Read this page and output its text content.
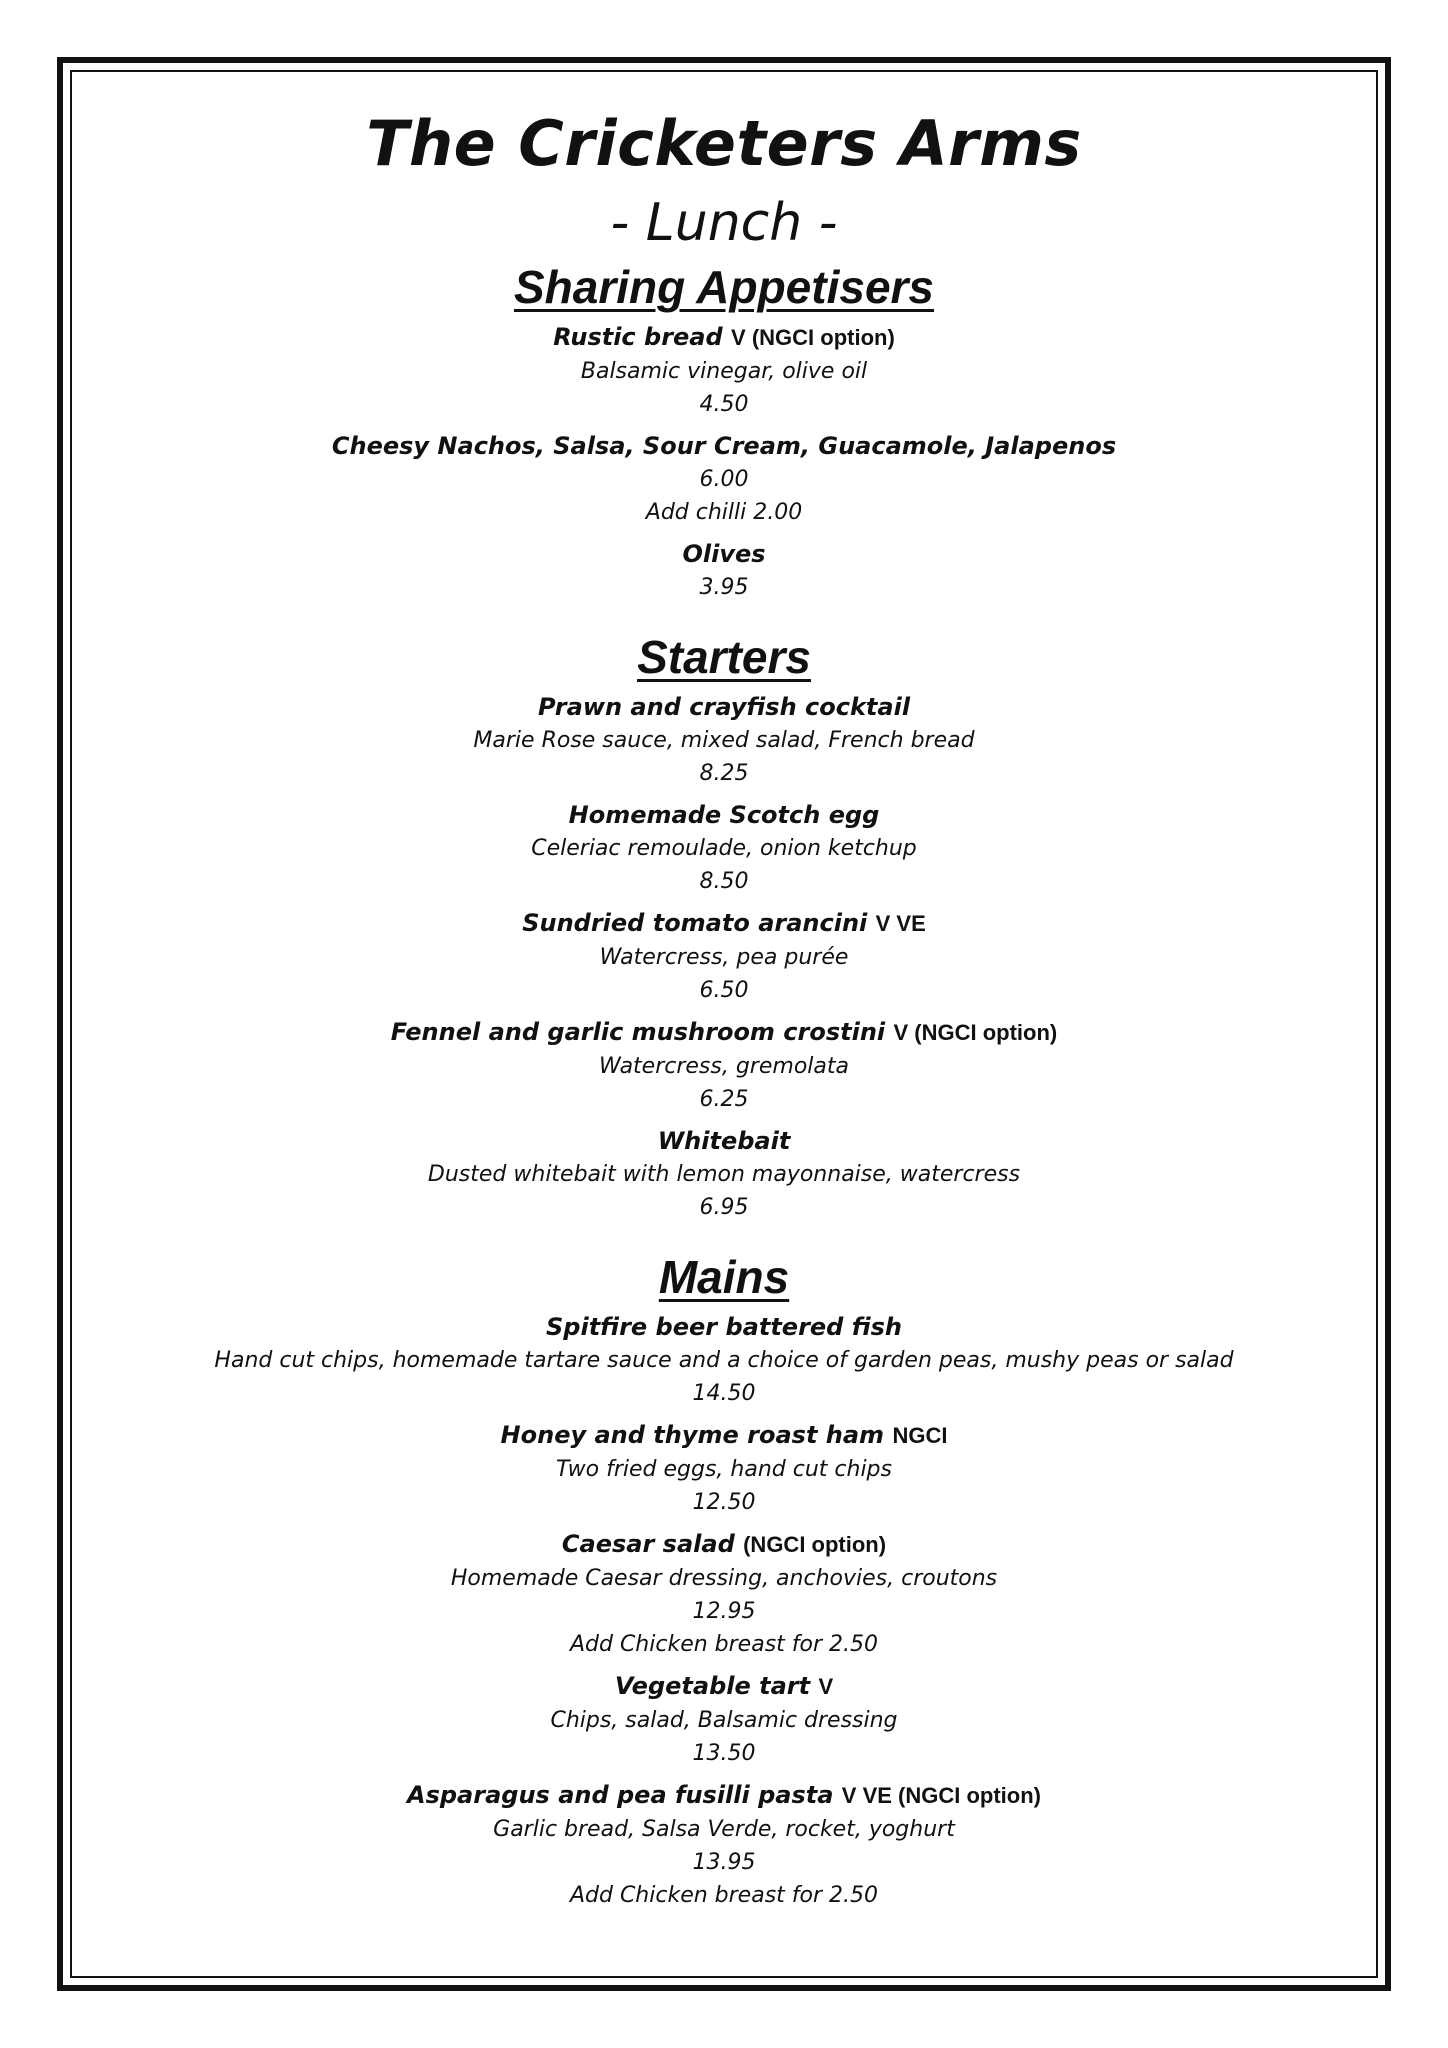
The Cricketers Arms
- Lunch -
Sharing Appetisers
Rustic bread V (NGCI option)
Balsamic vinegar, olive oil
4.50
Cheesy Nachos, Salsa, Sour Cream, Guacamole, Jalapenos
6.00
Add chilli 2.00
Olives
3.95
Starters
Prawn and crayfish cocktail
Marie Rose sauce, mixed salad, French bread
8.25
Homemade Scotch egg
Celeriac remoulade, onion ketchup
8.50
Sundried tomato arancini V VE
Watercress, pea purée
6.50
Fennel and garlic mushroom crostini V (NGCI option)
Watercress, gremolata
6.25
Whitebait
Dusted whitebait with lemon mayonnaise, watercress
6.95
Mains
Spitfire beer battered fish
Hand cut chips, homemade tartare sauce and a choice of garden peas, mushy peas or salad
14.50
Honey and thyme roast ham NGCI
Two fried eggs, hand cut chips
12.50
Caesar salad (NGCI option)
Homemade Caesar dressing, anchovies, croutons
12.95
Add Chicken breast for 2.50
Vegetable tart V
Chips, salad, Balsamic dressing
13.50
Asparagus and pea fusilli pasta V VE (NGCI option)
Garlic bread, Salsa Verde, rocket, yoghurt
13.95
Add Chicken breast for 2.50
